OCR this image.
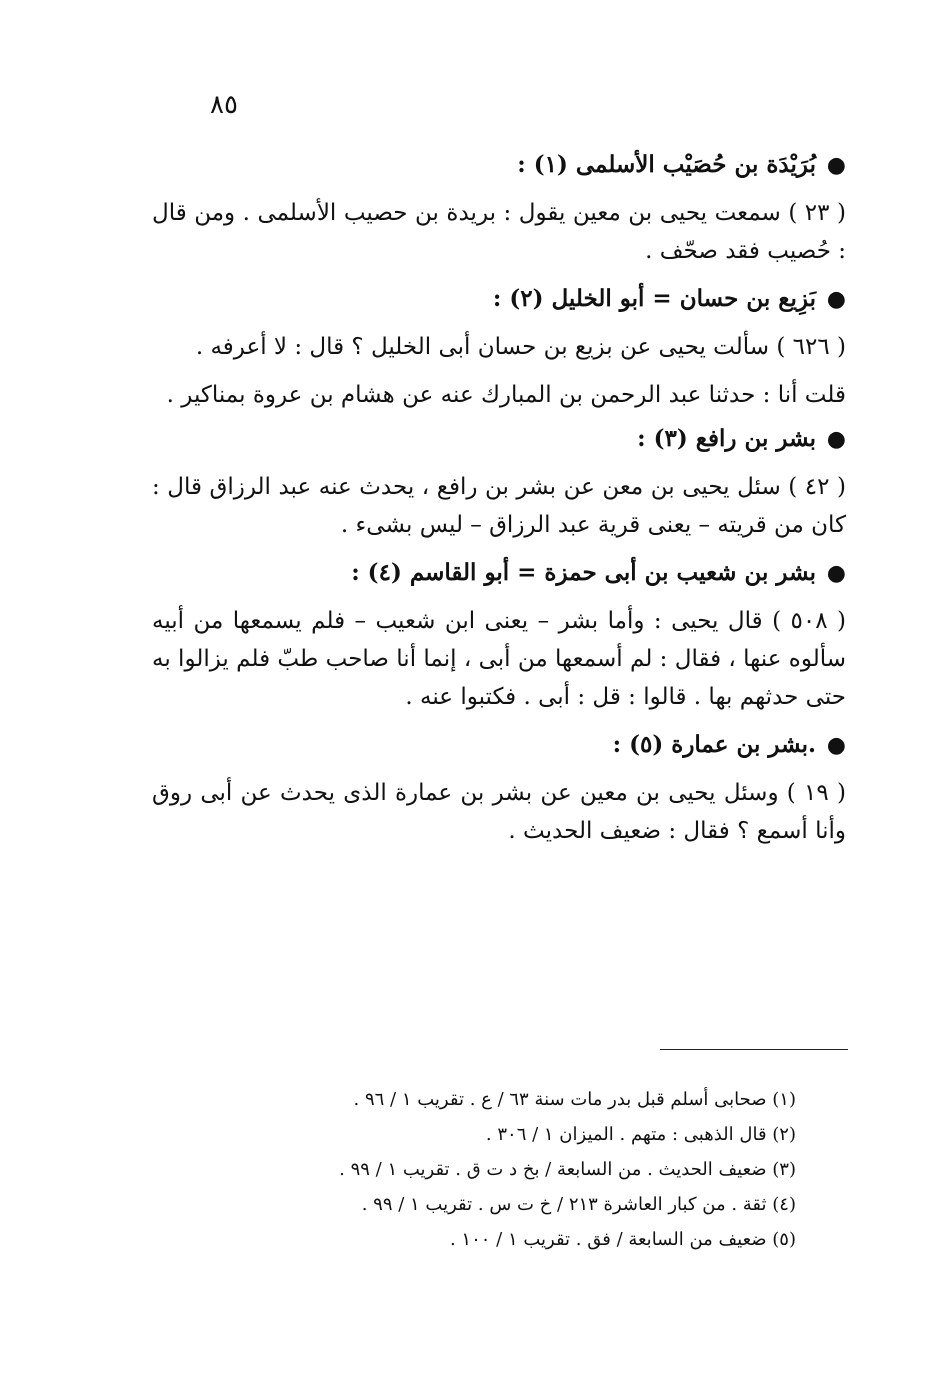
٨٥
●
بُرَيْدَة بن حُصَيْب الأسلمى (١) :

( ٢٣ ) سمعت يحيى بن معين يقول : بريدة بن حصيب الأسلمى . ومن قال : حُصيب فقد صحّف .

●
بَزِيع بن حسان = أبو الخليل (٢) :

( ٦٢٦ ) سألت يحيى عن بزيع بن حسان أبى الخليل ؟ قال : لا أعرفه .

قلت أنا : حدثنا عبد الرحمن بن المبارك عنه عن هشام بن عروة بمناكير .

●
بشر بن رافع (٣) :

( ٤٢ ) سئل يحيى بن معن عن بشر بن رافع ، يحدث عنه عبد الرزاق قال : كان من قريته – يعنى قرية عبد الرزاق – ليس بشىء .

●
بشر بن شعيب بن أبى حمزة = أبو القاسم (٤) :

( ٥٠٨ ) قال يحيى : وأما بشر – يعنى ابن شعيب – فلم يسمعها من أبيه سألوه عنها ، فقال : لم أسمعها من أبى ، إنما أنا صاحب طبّ فلم يزالوا به حتى حدثهم بها . قالوا : قل : أبى . فكتبوا عنه .

●
.بشر بن عمارة (٥) :

( ١٩ ) وسئل يحيى بن معين عن بشر بن عمارة الذى يحدث عن أبى روق وأنا أسمع ؟ فقال : ضعيف الحديث .

(١) صحابى أسلم قبل بدر مات سنة ٦٣ / ع . تقريب ١ / ٩٦ .
(٢) قال الذهبى : متهم . الميزان ١ / ٣٠٦ .
(٣) ضعيف الحديث . من السابعة / بخ د ت ق . تقريب ١ / ٩٩ .
(٤) ثقة . من كبار العاشرة ٢١٣ / خ ت س . تقريب ١ / ٩٩ .
(٥) ضعيف من السابعة / فق . تقريب ١ / ١٠٠ .
